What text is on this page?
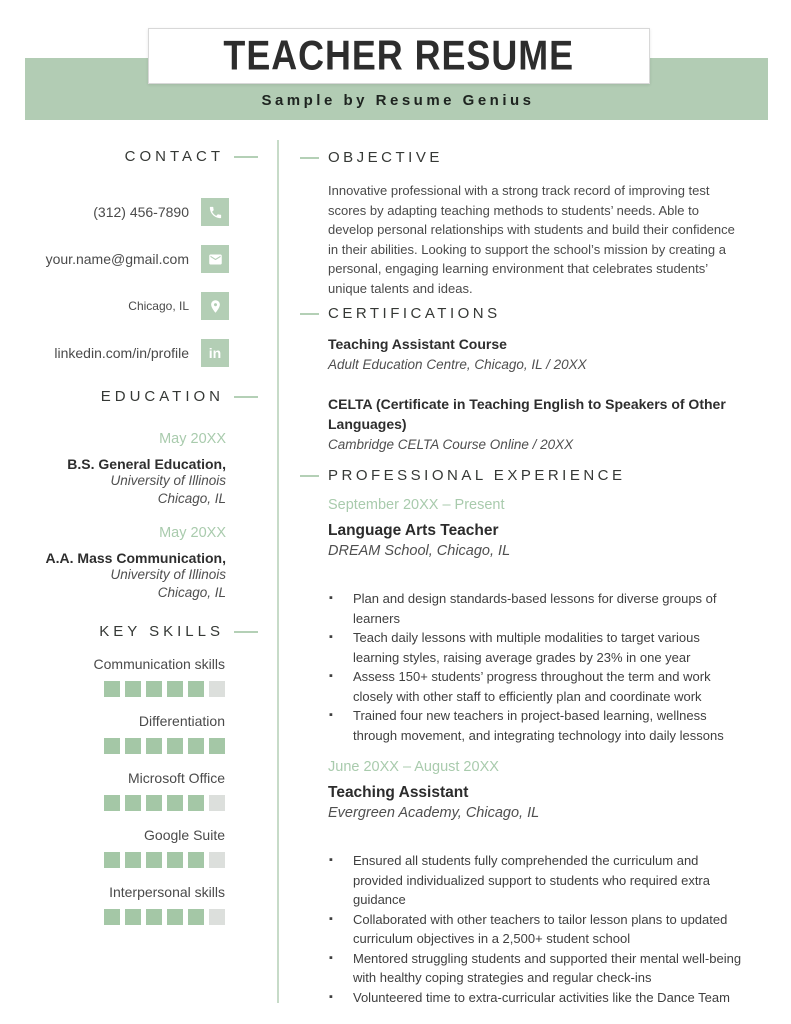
TEACHER RESUME
Sample by Resume Genius
CONTACT
(312) 456-7890
your.name@gmail.com
Chicago, IL
linkedin.com/in/profile in
EDUCATION
May 20XX
B.S. General Education,
University of Illinois
Chicago, IL
May 20XX
A.A. Mass Communication,
University of Illinois
Chicago, IL
KEY SKILLS
Communication skills
Differentiation
Microsoft Office
Google Suite
Interpersonal skills
OBJECTIVE

Innovative professional with a strong track record of improving test scores by adapting teaching methods to students’ needs. Able to develop personal relationships with students and build their confidence in their abilities. Looking to support the school’s mission by creating a personal, engaging learning environment that celebrates students’ unique talents and ideas.

CERTIFICATIONS
Teaching Assistant Course
Adult Education Centre, Chicago, IL / 20XX
CELTA (Certificate in Teaching English to Speakers of Other Languages)
Cambridge CELTA Course Online / 20XX
PROFESSIONAL EXPERIENCE
September 20XX – Present
Language Arts Teacher
DREAM School, Chicago, IL
▪ Plan and design standards-based lessons for diverse groups of learners
▪ Teach daily lessons with multiple modalities to target various learning styles, raising average grades by 23% in one year
▪ Assess 150+ students’ progress throughout the term and work closely with other staff to efficiently plan and coordinate work
▪ Trained four new teachers in project-based learning, wellness through movement, and integrating technology into daily lessons
June 20XX – August 20XX
Teaching Assistant
Evergreen Academy, Chicago, IL
▪ Ensured all students fully comprehended the curriculum and provided individualized support to students who required extra guidance
▪ Collaborated with other teachers to tailor lesson plans to updated curriculum objectives in a 2,500+ student school
▪ Mentored struggling students and supported their mental well-being with healthy coping strategies and regular check-ins
▪ Volunteered time to extra-curricular activities like the Dance Team
